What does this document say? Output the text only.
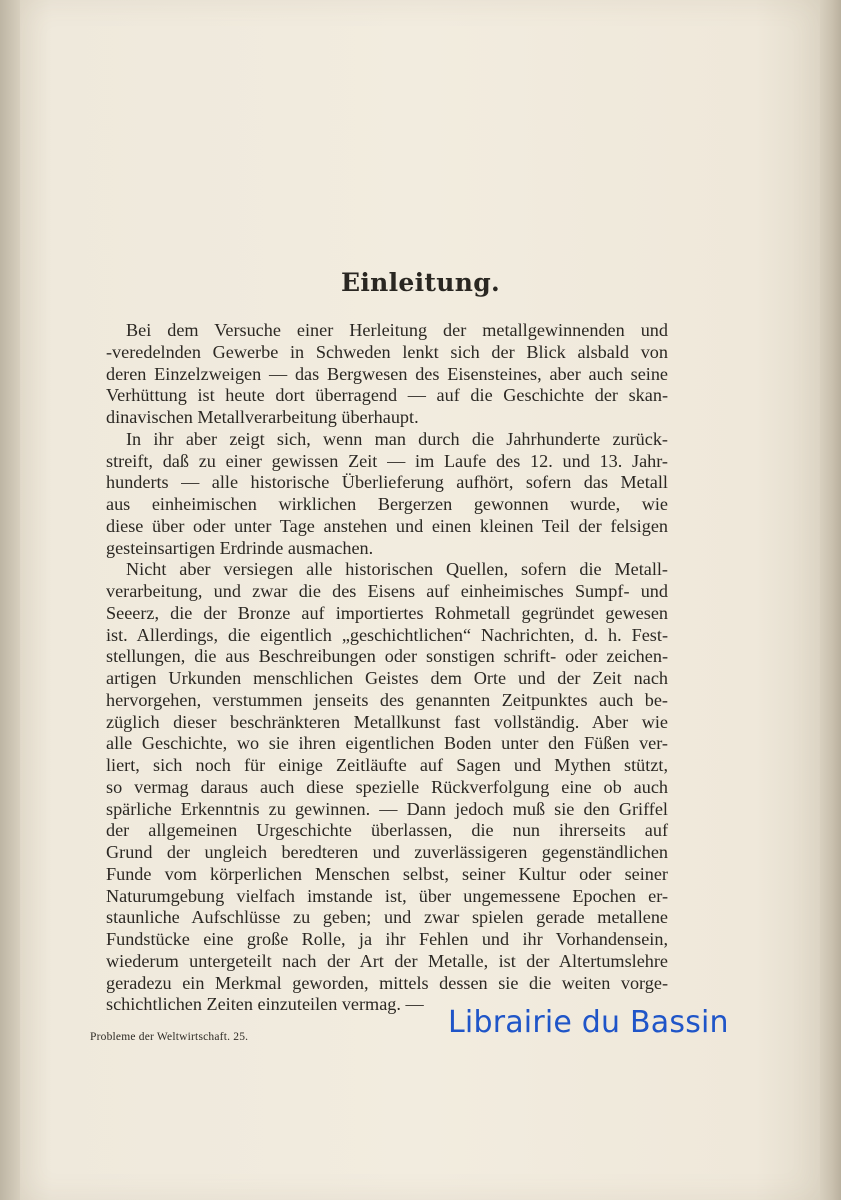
Einleitung.
Bei dem Versuche einer Herleitung der metallgewinnenden und
-veredelnden Gewerbe in Schweden lenkt sich der Blick alsbald von
deren Einzelzweigen — das Bergwesen des Eisensteines, aber auch seine
Verhüttung ist heute dort überragend — auf die Geschichte der skan-
dinavischen Metallverarbeitung überhaupt.
In ihr aber zeigt sich, wenn man durch die Jahrhunderte zurück-
streift, daß zu einer gewissen Zeit — im Laufe des 12. und 13. Jahr-
hunderts — alle historische Überlieferung aufhört, sofern das Metall
aus einheimischen wirklichen Bergerzen gewonnen wurde, wie
diese über oder unter Tage anstehen und einen kleinen Teil der felsigen
gesteinsartigen Erdrinde ausmachen.
Nicht aber versiegen alle historischen Quellen, sofern die Metall-
verarbeitung, und zwar die des Eisens auf einheimisches Sumpf- und
Seeerz, die der Bronze auf importiertes Rohmetall gegründet gewesen
ist. Allerdings, die eigentlich „geschichtlichen“ Nachrichten, d. h. Fest-
stellungen, die aus Beschreibungen oder sonstigen schrift- oder zeichen-
artigen Urkunden menschlichen Geistes dem Orte und der Zeit nach
hervorgehen, verstummen jenseits des genannten Zeitpunktes auch be-
züglich dieser beschränkteren Metallkunst fast vollständig. Aber wie
alle Geschichte, wo sie ihren eigentlichen Boden unter den Füßen ver-
liert, sich noch für einige Zeitläufte auf Sagen und Mythen stützt,
so vermag daraus auch diese spezielle Rückverfolgung eine ob auch
spärliche Erkenntnis zu gewinnen. — Dann jedoch muß sie den Griffel
der allgemeinen Urgeschichte überlassen, die nun ihrerseits auf
Grund der ungleich beredteren und zuverlässigeren gegenständlichen
Funde vom körperlichen Menschen selbst, seiner Kultur oder seiner
Naturumgebung vielfach imstande ist, über ungemessene Epochen er-
staunliche Aufschlüsse zu geben; und zwar spielen gerade metallene
Fundstücke eine große Rolle, ja ihr Fehlen und ihr Vorhandensein,
wiederum untergeteilt nach der Art der Metalle, ist der Altertumslehre
geradezu ein Merkmal geworden, mittels dessen sie die weiten vorge-
schichtlichen Zeiten einzuteilen vermag. —
Probleme der Weltwirtschaft. 25.	Librairie du Bassin
